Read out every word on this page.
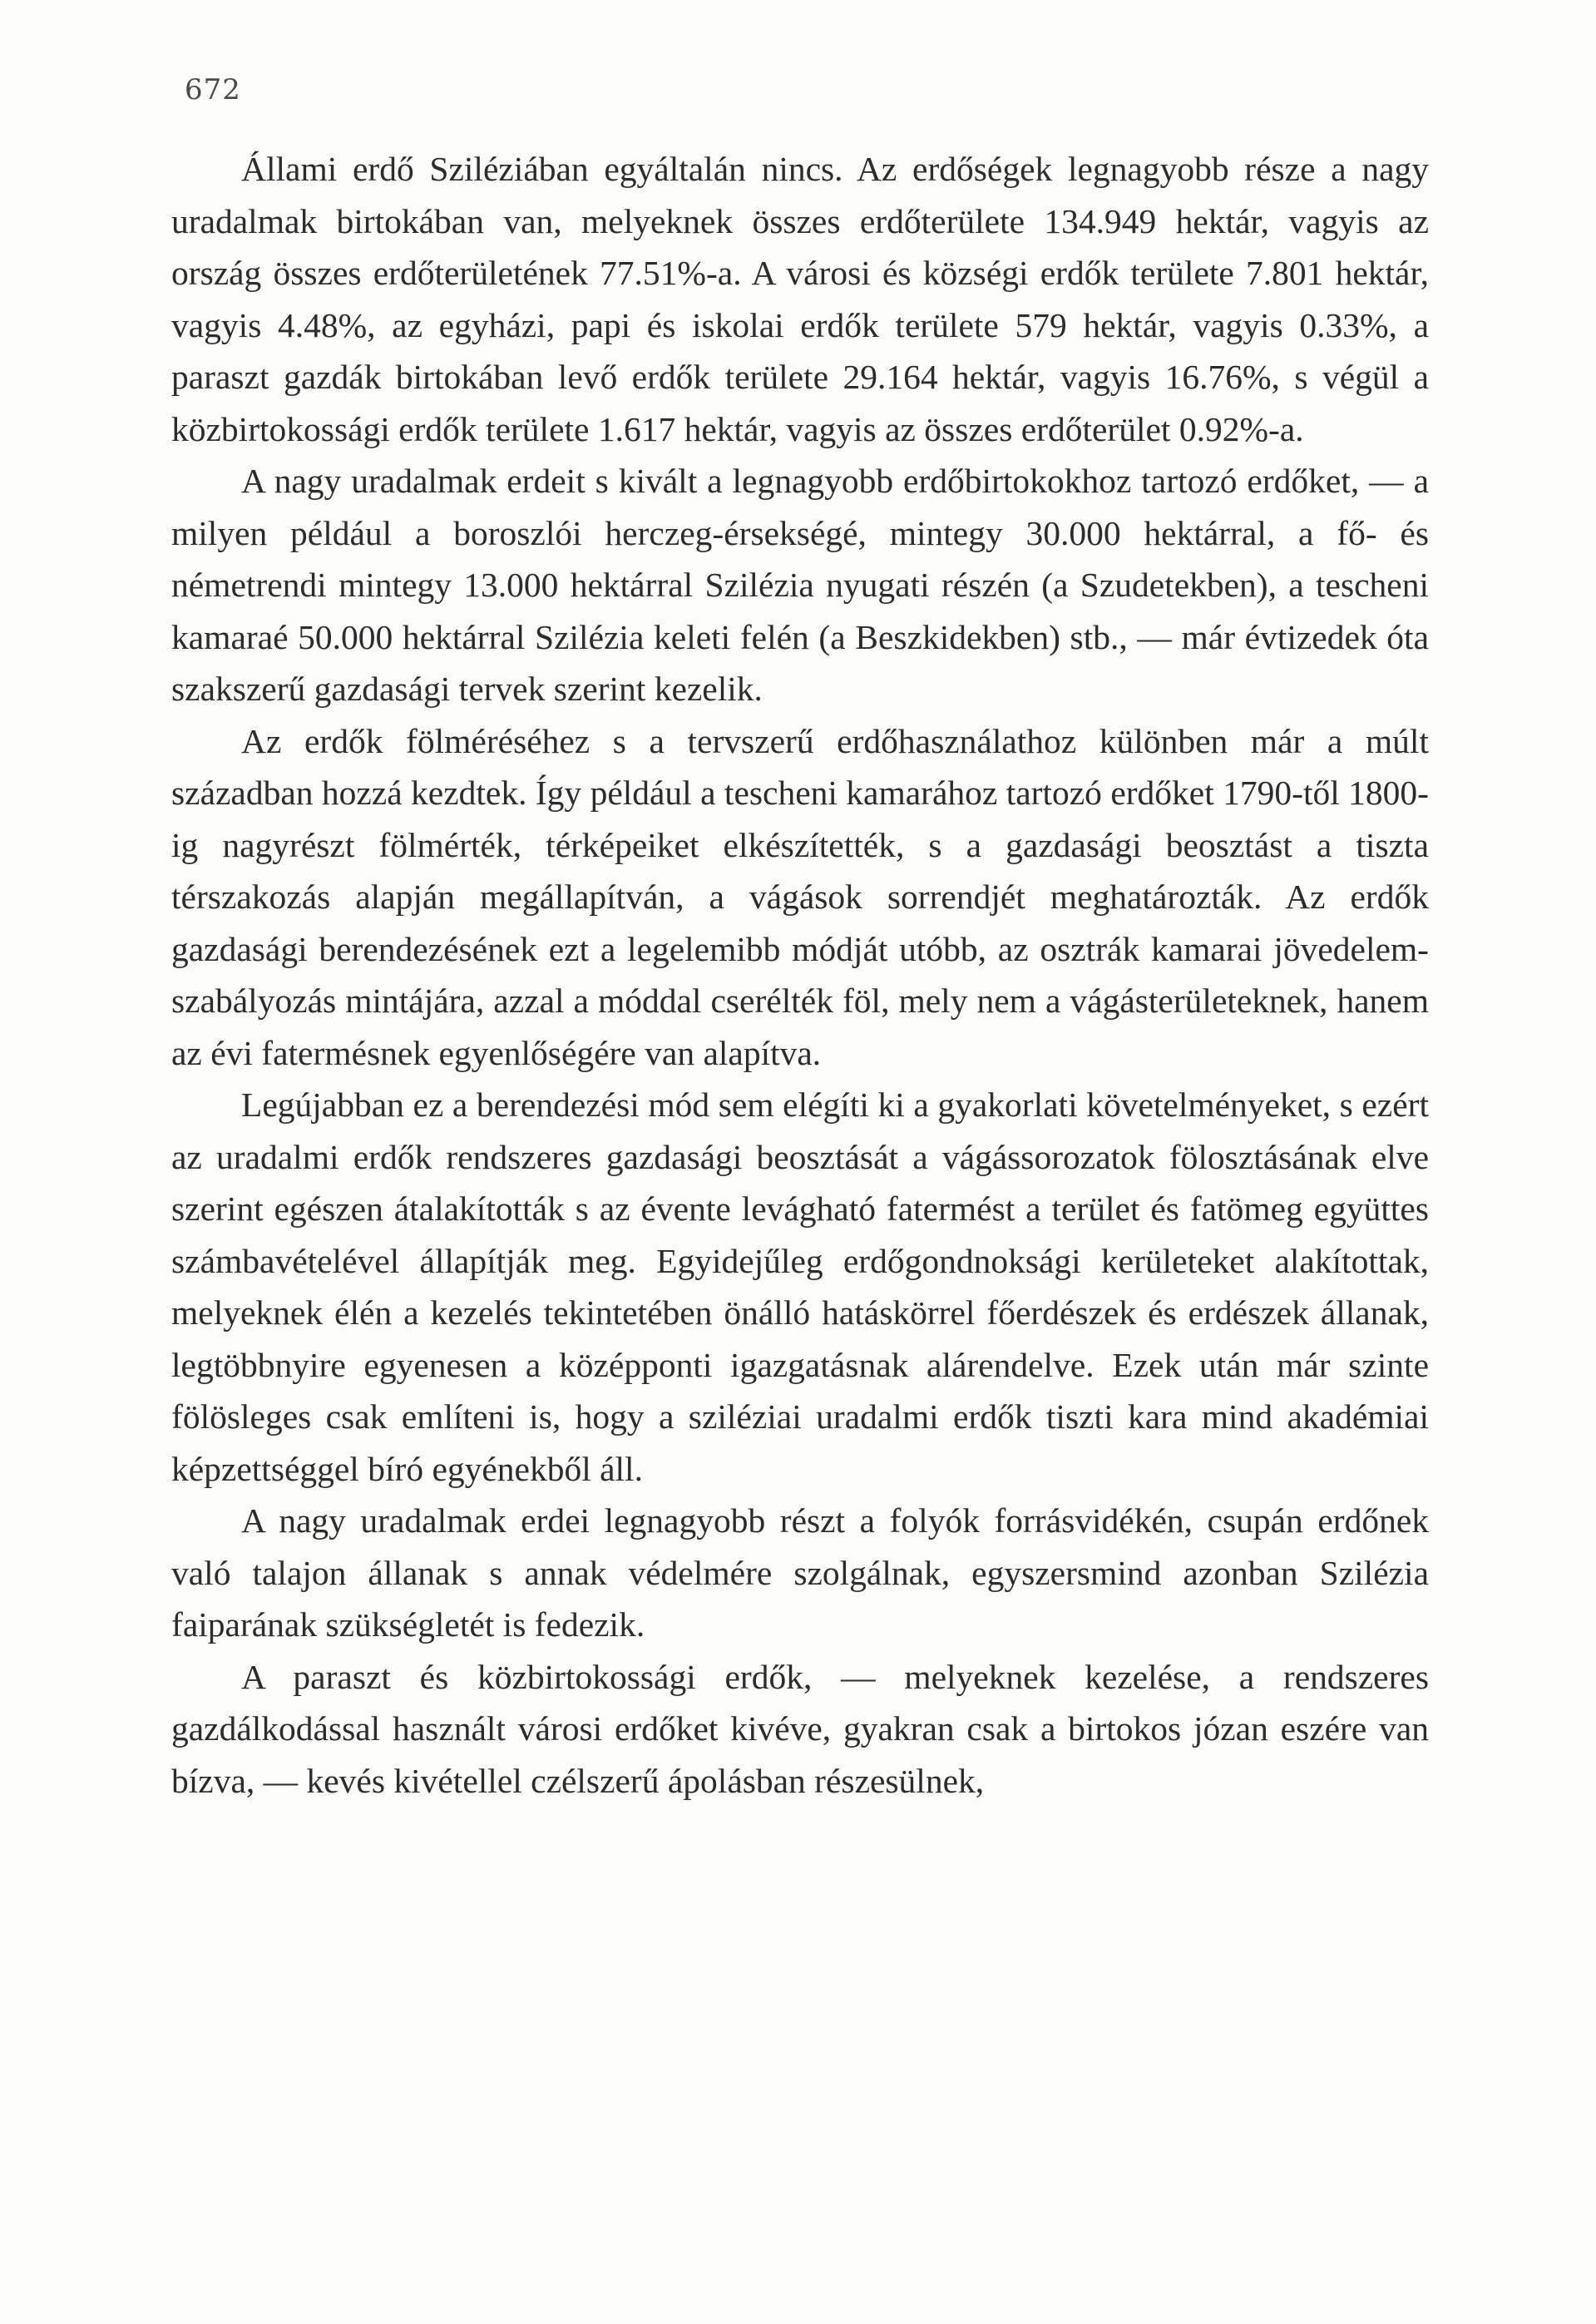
672

Állami erdő Sziléziában egyáltalán nincs. Az erdőségek legnagyobb része a nagy uradalmak birtokában van, melyeknek összes erdőterülete 134.949 hektár, vagyis az ország összes erdőterületének 77.51%-a. A városi és községi erdők területe 7.801 hektár, vagyis 4.48%, az egyházi, papi és iskolai erdők területe 579 hektár, vagyis 0.33%, a paraszt gazdák birtokában levő erdők területe 29.164 hektár, vagyis 16.76%, s végül a közbirtokossági erdők területe 1.617 hektár, vagyis az összes erdőterület 0.92%-a.

A nagy uradalmak erdeit s kivált a legnagyobb erdőbirtokokhoz tartozó erdőket, — a milyen például a boroszlói herczeg-érsekségé, mintegy 30.000 hektárral, a fő- és németrendi mintegy 13.000 hektárral Szilézia nyugati részén (a Szudetekben), a tescheni kamaraé 50.000 hektárral Szilézia keleti felén (a Beszkidekben) stb., — már évtizedek óta szakszerű gazdasági tervek szerint kezelik.

Az erdők fölméréséhez s a tervszerű erdőhasználathoz különben már a múlt században hozzá kezdtek. Így például a tescheni kamarához tartozó erdőket 1790-től 1800-ig nagyrészt fölmérték, térképeiket elkészítették, s a gazdasági beosztást a tiszta térszakozás alapján megállapítván, a vágások sorrendjét meghatározták. Az erdők gazdasági berendezésének ezt a legelemibb módját utóbb, az osztrák kamarai jövedelem-szabályozás mintájára, azzal a móddal cserélték föl, mely nem a vágásterületeknek, hanem az évi fatermésnek egyenlőségére van alapítva.

Legújabban ez a berendezési mód sem elégíti ki a gyakorlati követelményeket, s ezért az uradalmi erdők rendszeres gazdasági beosztását a vágássorozatok fölosztásának elve szerint egészen átalakították s az évente levágható fatermést a terület és fatömeg együttes számbavételével állapítják meg. Egyidejűleg erdőgondnoksági kerületeket alakítottak, melyeknek élén a kezelés tekintetében önálló hatáskörrel főerdészek és erdészek állanak, legtöbbnyire egyenesen a középponti igazgatásnak alárendelve. Ezek után már szinte fölösleges csak említeni is, hogy a sziléziai uradalmi erdők tiszti kara mind akadémiai képzettséggel bíró egyénekből áll.

A nagy uradalmak erdei legnagyobb részt a folyók forrásvidékén, csupán erdőnek való talajon állanak s annak védelmére szolgálnak, egyszersmind azonban Szilézia faiparának szükségletét is fedezik.

A paraszt és közbirtokossági erdők, — melyeknek kezelése, a rendszeres gazdálkodással használt városi erdőket kivéve, gyakran csak a birtokos józan eszére van bízva, — kevés kivétellel czélszerű ápolásban részesülnek,
